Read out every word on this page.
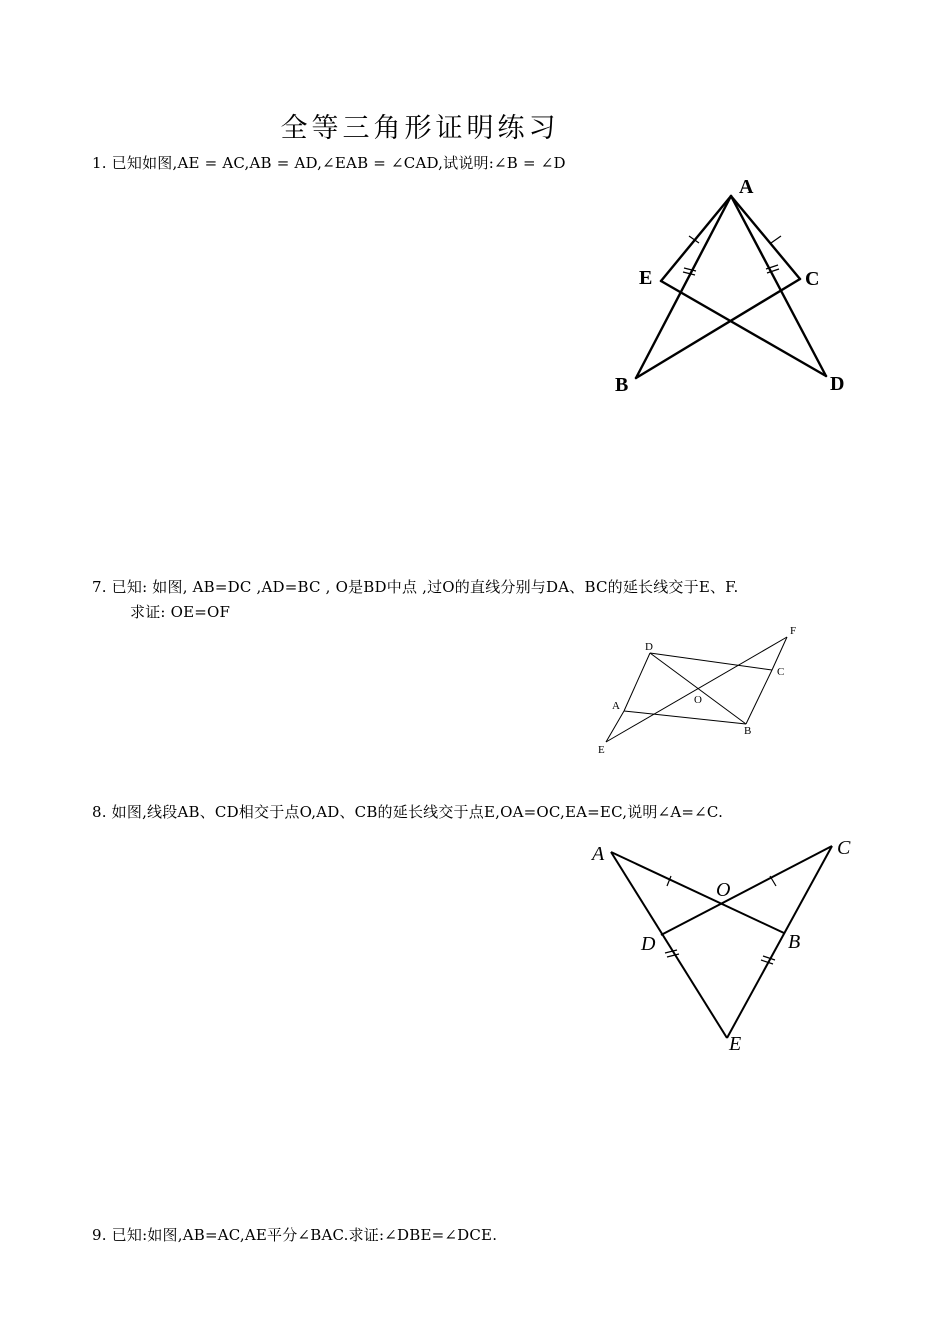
全等三角形证明练习
1. 已知如图,AE = AC,AB = AD,∠EAB = ∠CAD,试说明:∠B = ∠D
A
E	C
B	D
7. 已知: 如图, AB=DC ,AD=BC , O是BD中点 ,过O的直线分别与DA、BC的延长线交于E、F.
求证: OE=OF
D
F
C
O
A
B
E
8. 如图,线段AB、CD相交于点O,AD、CB的延长线交于点E,OA=OC,EA=EC,说明∠A=∠C.
A	C
O
D	B
E
9. 已知:如图,AB=AC,AE平分∠BAC.求证:∠DBE=∠DCE.
